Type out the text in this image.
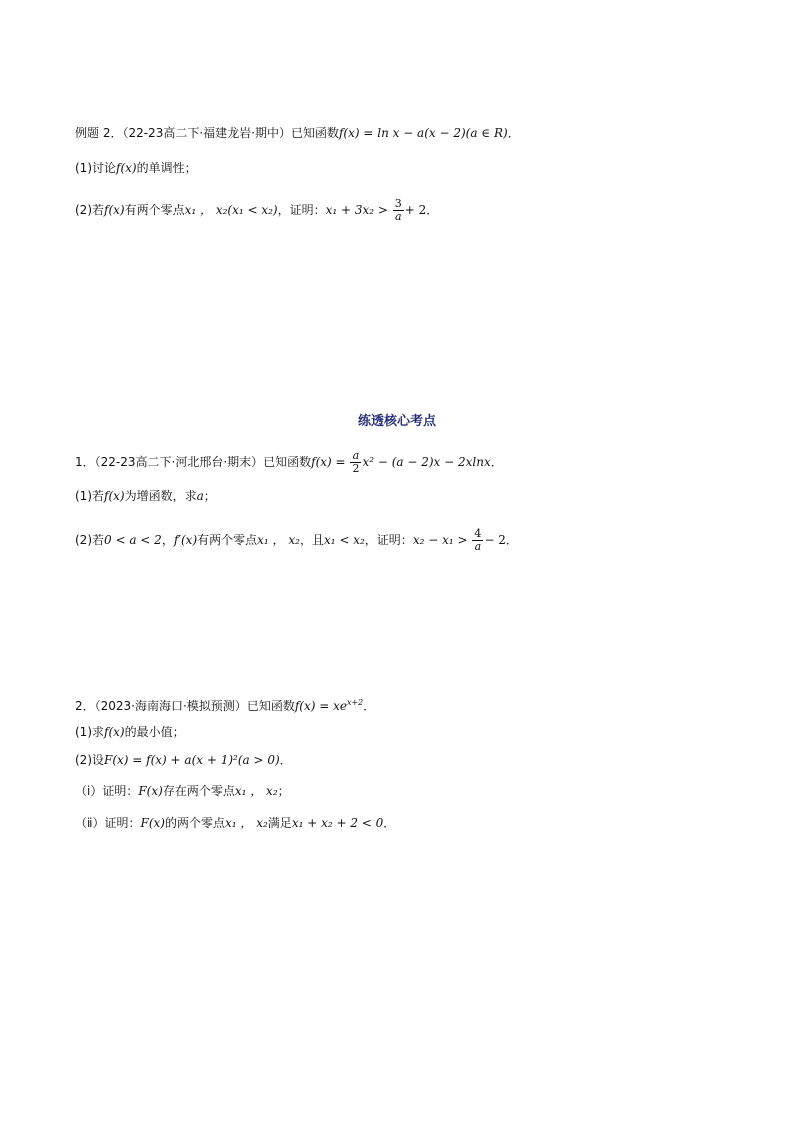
例题 2．（22-23高二下·福建龙岩·期中）已知函数f(x) = ln x − a(x − 2)(a ∈ R)．
(1)讨论f(x)的单调性；
(2)若f(x)有两个零点x₁ ， x₂(x₁ < x₂)，证明：$x_1 + 3x_2 > \frac{3}{a} + 2$．
练透核心考点
1．（22-23高二下·河北邢台·期末）已知函数$f(x) = \frac{a}{2} x^2 - (a - 2)x - 2xlnx$．
(1)若f(x)为增函数，求a；
(2)若0 < a < 2，f′(x)有两个零点x₁ ， x₂，且x₁ < x₂，证明：$x_2 - x_1 > \frac{4}{a} - 2$．
2．（2023·海南海口·模拟预测）已知函数$f(x) = xe^{x+2}$．
(1)求f(x)的最小值；
(2)设F(x) = f(x) + a(x + 1)²(a > 0)．
（ⅰ）证明：F(x)存在两个零点x₁ ， x₂；
（ⅱ）证明：F(x)的两个零点x₁ ， x₂满足x₁ + x₂ + 2 < 0．
